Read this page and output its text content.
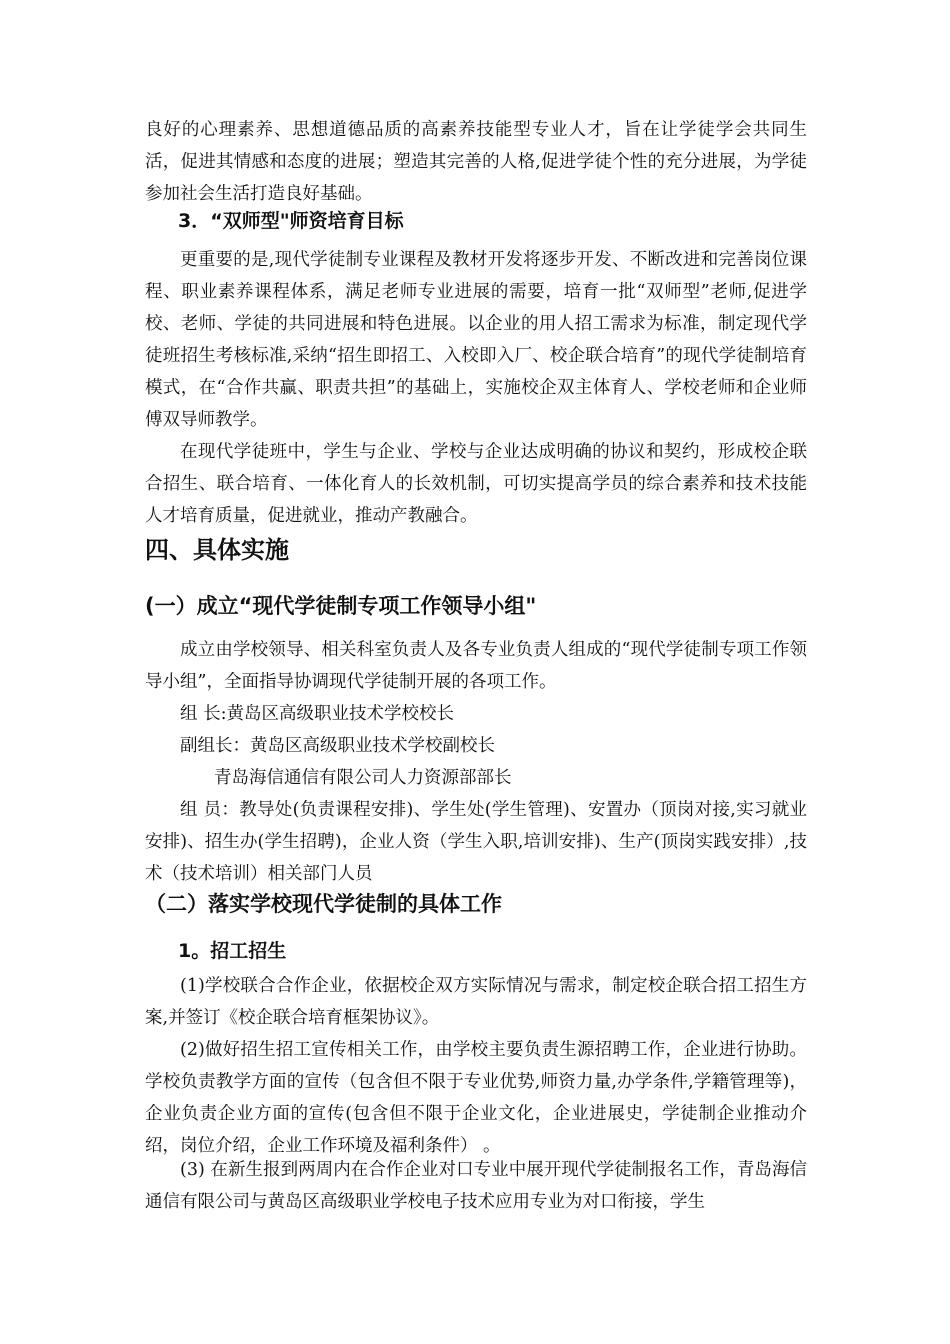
良好的心理素养、思想道德品质的高素养技能型专业人才，旨在让学徒学会共同生活，促进其情感和态度的进展；塑造其完善的人格,促进学徒个性的充分进展，为学徒参加社会生活打造良好基础。

3．“双师型"师资培育目标

更重要的是,现代学徒制专业课程及教材开发将逐步开发、不断改进和完善岗位课程、职业素养课程体系，满足老师专业进展的需要，培育一批“双师型”老师,促进学校、老师、学徒的共同进展和特色进展。以企业的用人招工需求为标准，制定现代学徒班招生考核标准,采纳“招生即招工、入校即入厂、校企联合培育”的现代学徒制培育模式，在“合作共赢、职责共担”的基础上，实施校企双主体育人、学校老师和企业师傅双导师教学。

在现代学徒班中，学生与企业、学校与企业达成明确的协议和契约，形成校企联合招生、联合培育、一体化育人的长效机制，可切实提高学员的综合素养和技术技能人才培育质量，促进就业，推动产教融合。

四、具体实施

(一）成立“现代学徒制专项工作领导小组"

成立由学校领导、相关科室负责人及各专业负责人组成的“现代学徒制专项工作领导小组”，全面指导协调现代学徒制开展的各项工作。

组 长:黄岛区高级职业技术学校校长

副组长：黄岛区高级职业技术学校副校长

青岛海信通信有限公司人力资源部部长

组 员：教导处(负责课程安排)、学生处(学生管理)、安置办（顶岗对接,实习就业安排)、招生办(学生招聘)，企业人资（学生入职,培训安排)、生产(顶岗实践安排）,技术（技术培训）相关部门人员

（二）落实学校现代学徒制的具体工作

1。招工招生

(1)学校联合合作企业，依据校企双方实际情况与需求，制定校企联合招工招生方案,并签订《校企联合培育框架协议》。

(2)做好招生招工宣传相关工作，由学校主要负责生源招聘工作，企业进行协助。学校负责教学方面的宣传（包含但不限于专业优势,师资力量,办学条件,学籍管理等)，企业负责企业方面的宣传(包含但不限于企业文化，企业进展史，学徒制企业推动介绍，岗位介绍，企业工作环境及福利条件） 。

(3) 在新生报到两周内在合作企业对口专业中展开现代学徒制报名工作，青岛海信通信有限公司与黄岛区高级职业学校电子技术应用专业为对口衔接，学生
